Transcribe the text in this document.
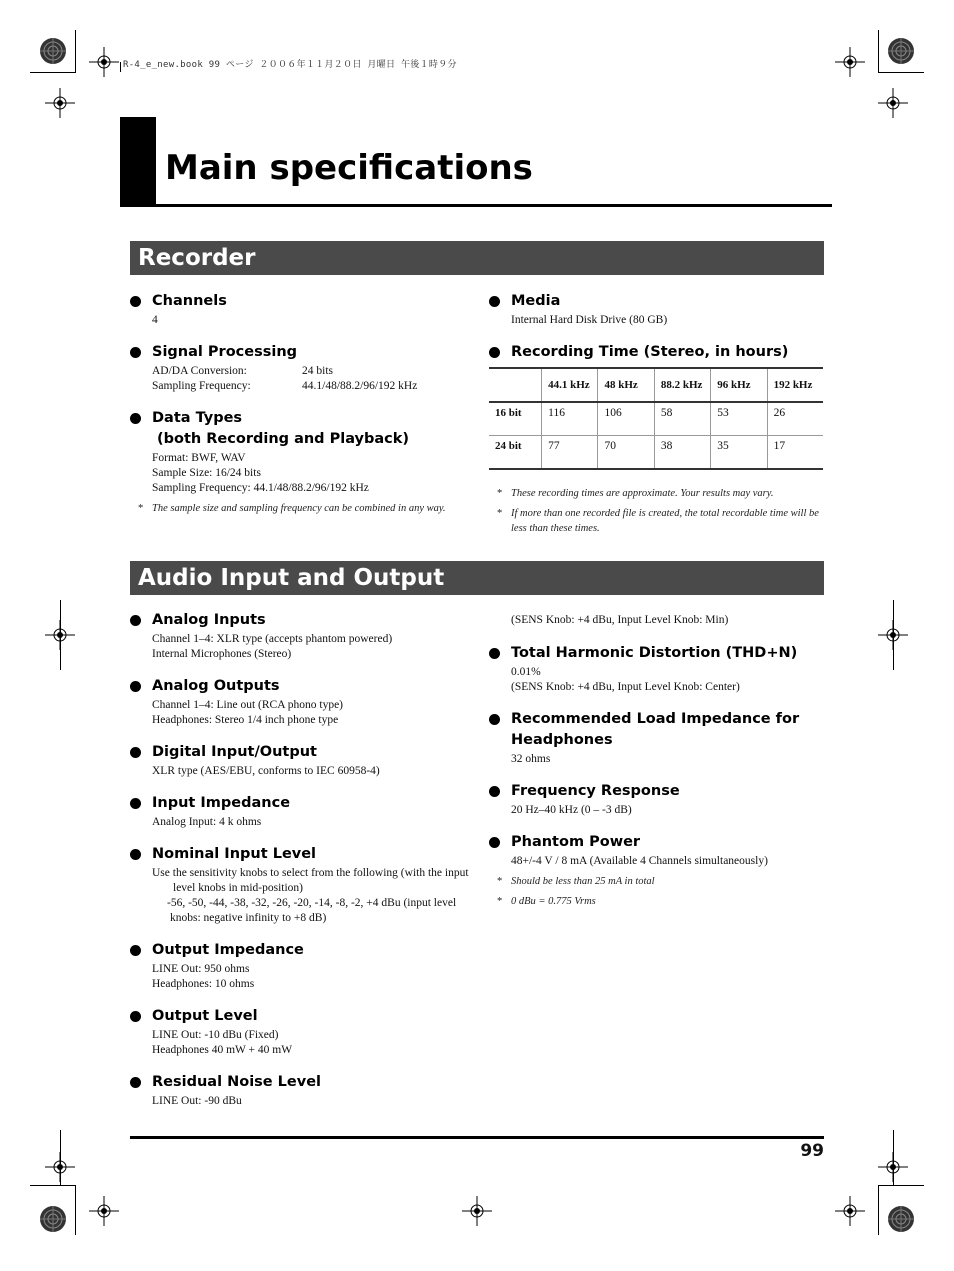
R-4_e_new.book 99 ページ ２００６年１１月２０日 月曜日 午後１時９分
Main specifications
Recorder
Channels
4
Signal Processing
AD/DA Conversion:	24 bits
Sampling Frequency:	44.1/48/88.2/96/192 kHz
Data Types
(both Recording and Playback)
Format: BWF, WAV
Sample Size: 16/24 bits
Sampling Frequency: 44.1/48/88.2/96/192 kHz
* The sample size and sampling frequency can be combined in any way.
Media
Internal Hard Disk Drive (80 GB)
Recording Time (Stereo, in hours)
	44.1 kHz	48 kHz	88.2 kHz	96 kHz	192 kHz
16 bit	116	106	58	53	26
24 bit	77	70	38	35	17
* These recording times are approximate. Your results may vary.
* If more than one recorded file is created, the total recordable time will be less than these times.
Audio Input and Output
Analog Inputs
Channel 1–4: XLR type (accepts phantom powered)
Internal Microphones (Stereo)
Analog Outputs
Channel 1–4: Line out (RCA phono type)
Headphones: Stereo 1/4 inch phone type
Digital Input/Output
XLR type (AES/EBU, conforms to IEC 60958-4)
Input Impedance
Analog Input: 4 k ohms
Nominal Input Level
Use the sensitivity knobs to select from the following (with the input level knobs in mid-position)
-56, -50, -44, -38, -32, -26, -20, -14, -8, -2, +4 dBu (input level knobs: negative infinity to +8 dB)
Output Impedance
LINE Out: 950 ohms
Headphones: 10 ohms
Output Level
LINE Out: -10 dBu (Fixed)
Headphones 40 mW + 40 mW
Residual Noise Level
LINE Out: -90 dBu
(SENS Knob: +4 dBu, Input Level Knob: Min)
Total Harmonic Distortion (THD+N)
0.01%
(SENS Knob: +4 dBu, Input Level Knob: Center)
Recommended Load Impedance for
Headphones
32 ohms
Frequency Response
20 Hz–40 kHz (0 – -3 dB)
Phantom Power
48+/-4 V / 8 mA (Available 4 Channels simultaneously)
* Should be less than 25 mA in total
* 0 dBu = 0.775 Vrms
99
